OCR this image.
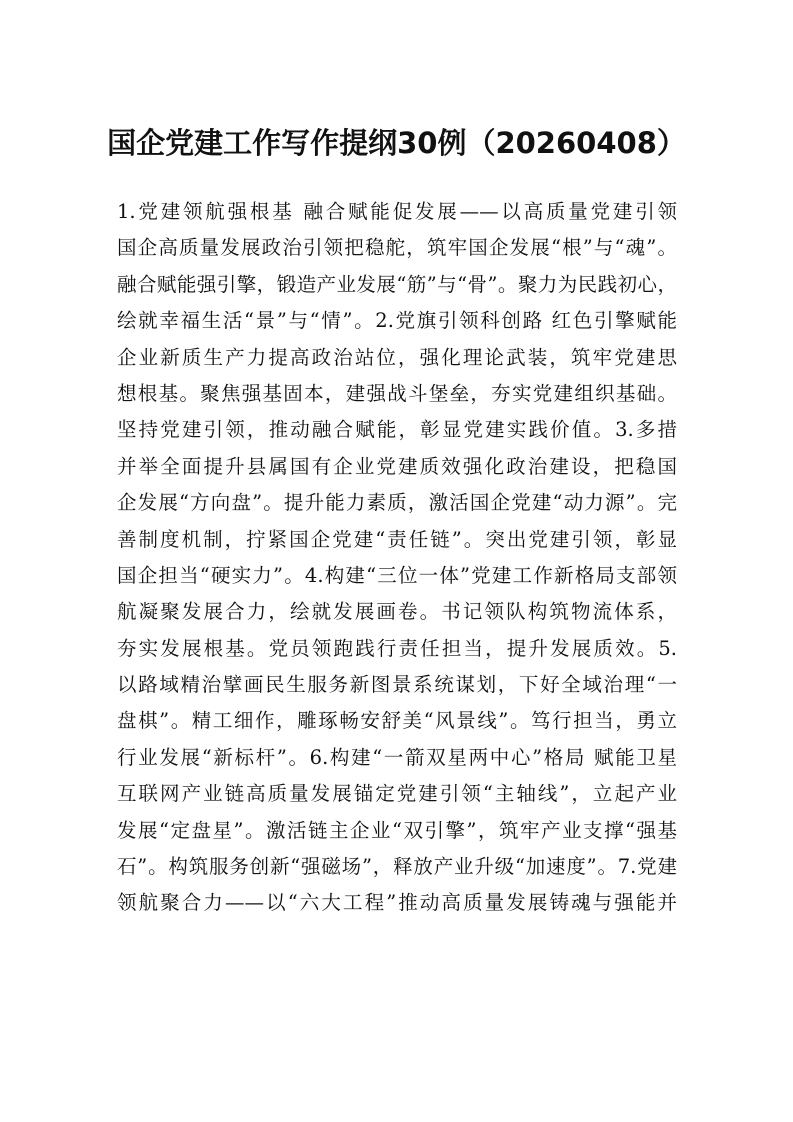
国企党建工作写作提纲30例（20260408）
1.党建领航强根基 融合赋能促发展——以高质量党建引领
国企高质量发展政治引领把稳舵，筑牢国企发展“根”与“魂”。
融合赋能强引擎，锻造产业发展“筋”与“骨”。聚力为民践初心，
绘就幸福生活“景”与“情”。2.党旗引领科创路 红色引擎赋能
企业新质生产力提高政治站位，强化理论武装，筑牢党建思
想根基。聚焦强基固本，建强战斗堡垒，夯实党建组织基础。
坚持党建引领，推动融合赋能，彰显党建实践价值。3.多措
并举全面提升县属国有企业党建质效强化政治建设，把稳国
企发展“方向盘”。提升能力素质，激活国企党建“动力源”。完
善制度机制，拧紧国企党建“责任链”。突出党建引领，彰显
国企担当“硬实力”。4.构建“三位一体”党建工作新格局支部领
航凝聚发展合力，绘就发展画卷。书记领队构筑物流体系，
夯实发展根基。党员领跑践行责任担当，提升发展质效。5.
以路域精治擘画民生服务新图景系统谋划，下好全域治理“一
盘棋”。精工细作，雕琢畅安舒美“风景线”。笃行担当，勇立
行业发展“新标杆”。6.构建“一箭双星两中心”格局 赋能卫星
互联网产业链高质量发展锚定党建引领“主轴线”，立起产业
发展“定盘星”。激活链主企业“双引擎”，筑牢产业支撑“强基
石”。构筑服务创新“强磁场”，释放产业升级“加速度”。7.党建
领航聚合力——以“六大工程”推动高质量发展铸魂与强能并
